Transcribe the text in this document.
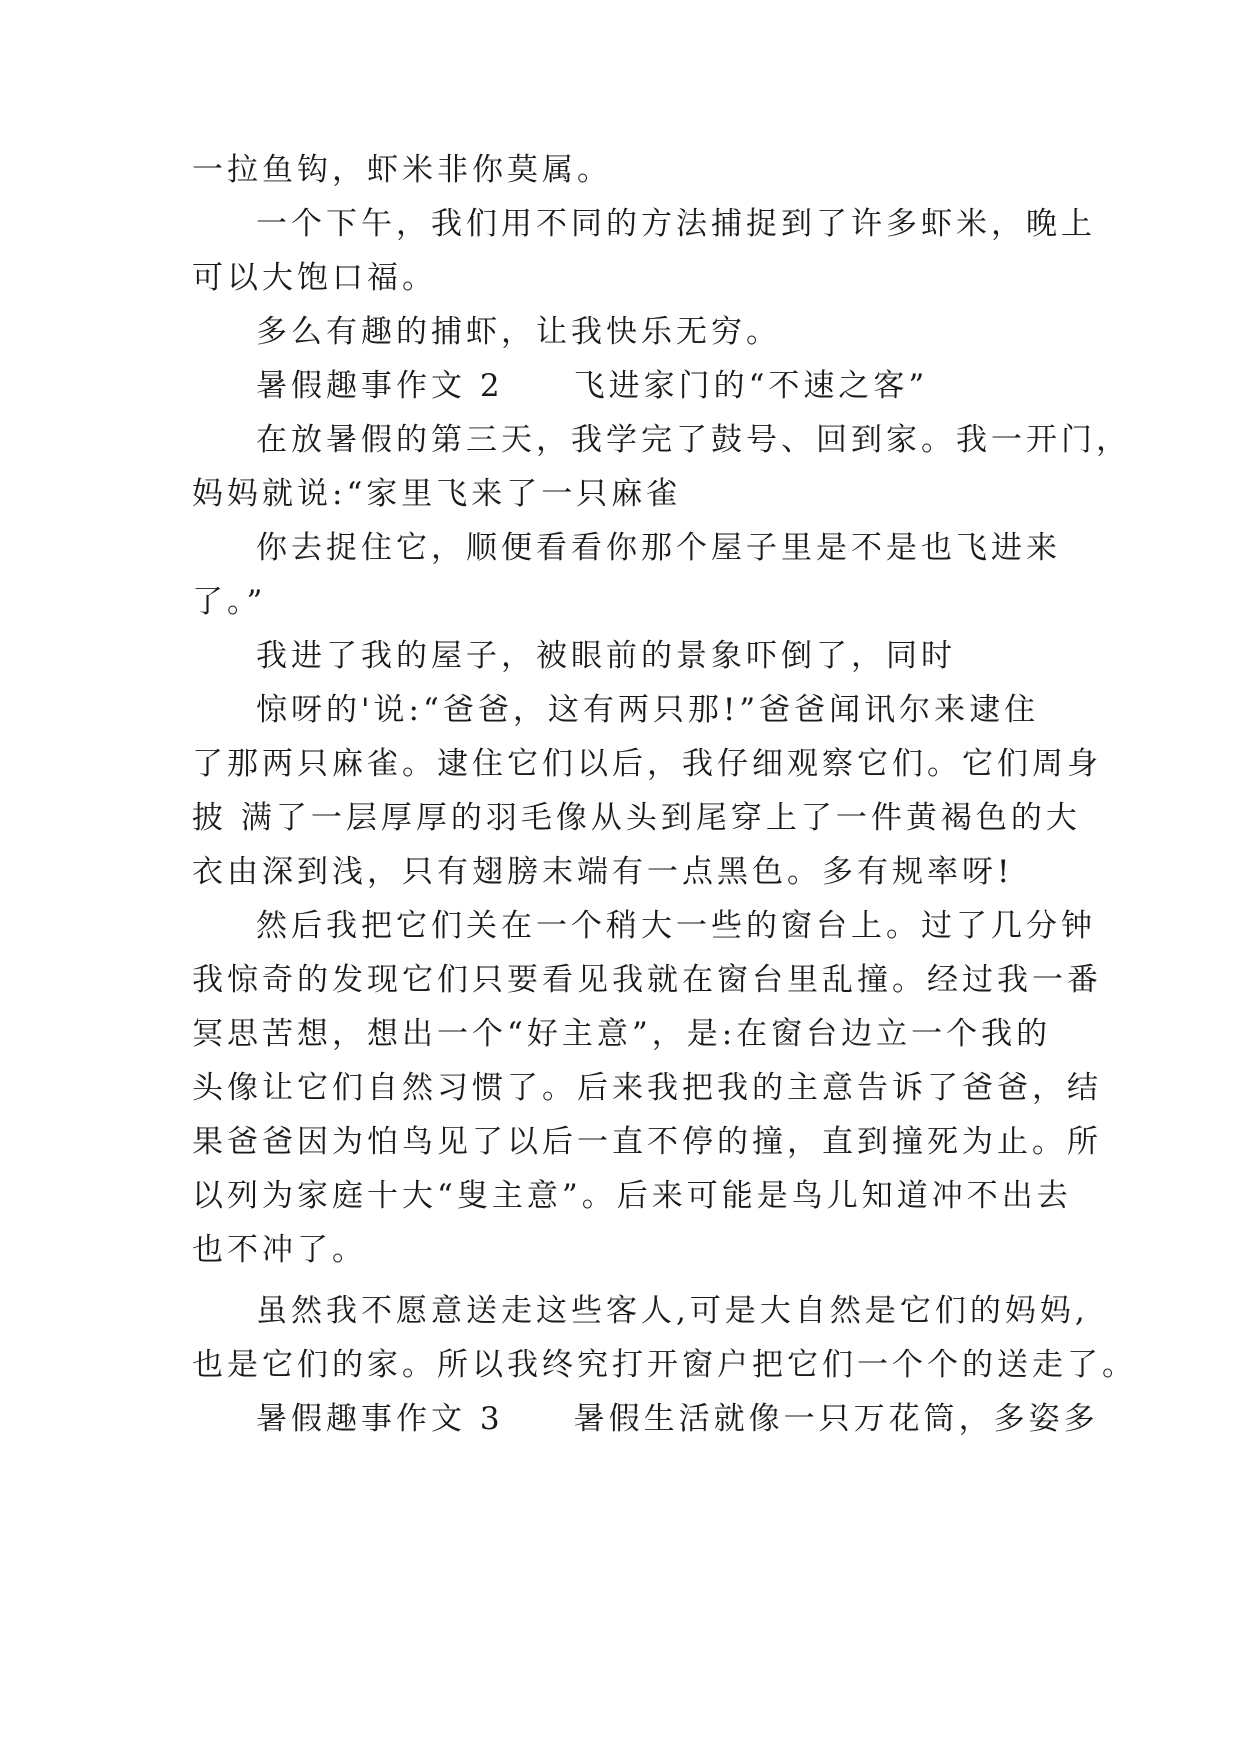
一拉鱼钩，虾米非你莫属。
一个下午，我们用不同的方法捕捉到了许多虾米，晚上
可以大饱口福。
多么有趣的捕虾，让我快乐无穷。
暑假趣事作文 2　　飞进家门的“不速之客”
在放暑假的第三天，我学完了鼓号、回到家。我一开门，
妈妈就说:“家里飞来了一只麻雀
你去捉住它，顺便看看你那个屋子里是不是也飞进来
了。”
我进了我的屋子，被眼前的景象吓倒了，同时
惊呀的'说:“爸爸，这有两只那!”爸爸闻讯尔来逮住
了那两只麻雀。逮住它们以后，我仔细观察它们。它们周身
披 满了一层厚厚的羽毛像从头到尾穿上了一件黄褐色的大
衣由深到浅，只有翅膀末端有一点黑色。多有规率呀!
然后我把它们关在一个稍大一些的窗台上。过了几分钟
我惊奇的发现它们只要看见我就在窗台里乱撞。经过我一番
冥思苦想，想出一个“好主意”，是:在窗台边立一个我的
头像让它们自然习惯了。后来我把我的主意告诉了爸爸，结
果爸爸因为怕鸟见了以后一直不停的撞，直到撞死为止。所
以列为家庭十大“叟主意”。后来可能是鸟儿知道冲不出去
也不冲了。
虽然我不愿意送走这些客人,可是大自然是它们的妈妈,
也是它们的家。所以我终究打开窗户把它们一个个的送走了。
暑假趣事作文 3　　暑假生活就像一只万花筒，多姿多
